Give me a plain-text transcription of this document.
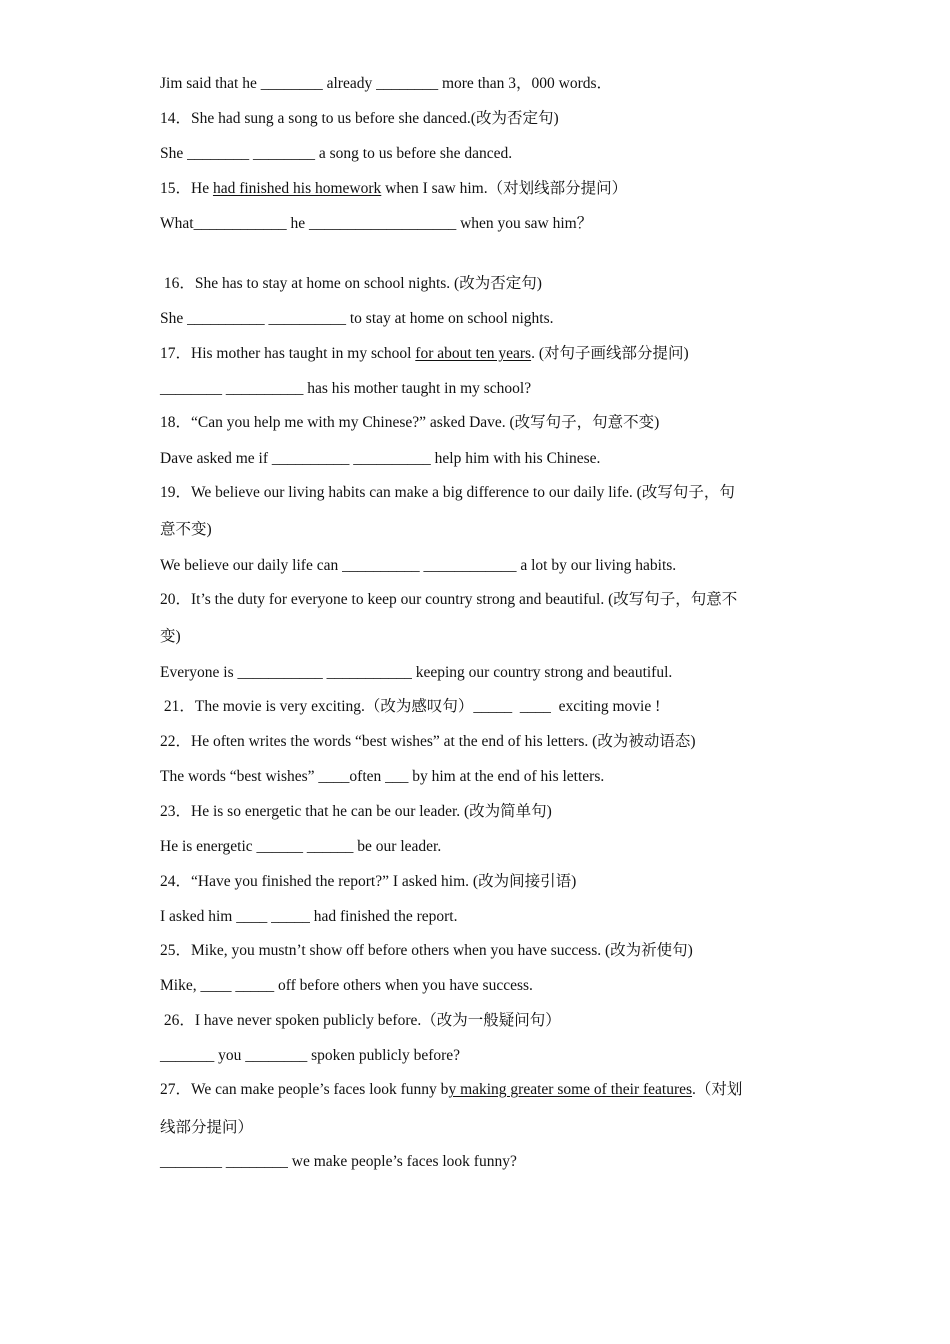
Jim said that he ________ already ________ more than 3，000 words．
14．She had sung a song to us before she danced.(改为否定句)
She ________ ________ a song to us before she danced.
15．He had finished his homework when I saw him.（对划线部分提问）
What____________ he ___________________ when you saw him？
16．She has to stay at home on school nights. (改为否定句)
She __________ __________ to stay at home on school nights.
17．His mother has taught in my school for about ten years. (对句子画线部分提问)
________ __________ has his mother taught in my school?
18．“Can you help me with my Chinese?” asked Dave. (改写句子，句意不变)
Dave asked me if __________ __________ help him with his Chinese.
19．We believe our living habits can make a big difference to our daily life. (改写句子，句
意不变)
We believe our daily life can __________ ____________ a lot by our living habits.
20．It’s the duty for everyone to keep our country strong and beautiful. (改写句子，句意不
变)
Everyone is ___________ ___________ keeping our country strong and beautiful.
21．The movie is very exciting.（改为感叹句）_____  ____  exciting movie !
22．He often writes the words “best wishes” at the end of his letters. (改为被动语态)
The words “best wishes” ____often ___ by him at the end of his letters.
23．He is so energetic that he can be our leader. (改为简单句)
He is energetic ______ ______ be our leader.
24．“Have you finished the report?” I asked him. (改为间接引语)
I asked him ____ _____ had finished the report.
25．Mike, you mustn’t show off before others when you have success. (改为祈使句)
Mike, ____ _____ off before others when you have success.
26．I have never spoken publicly before.（改为一般疑问句）
_______ you ________ spoken publicly before?
27．We can make people’s faces look funny by making greater some of their features.（对划
线部分提问）
________ ________ we make people’s faces look funny?
